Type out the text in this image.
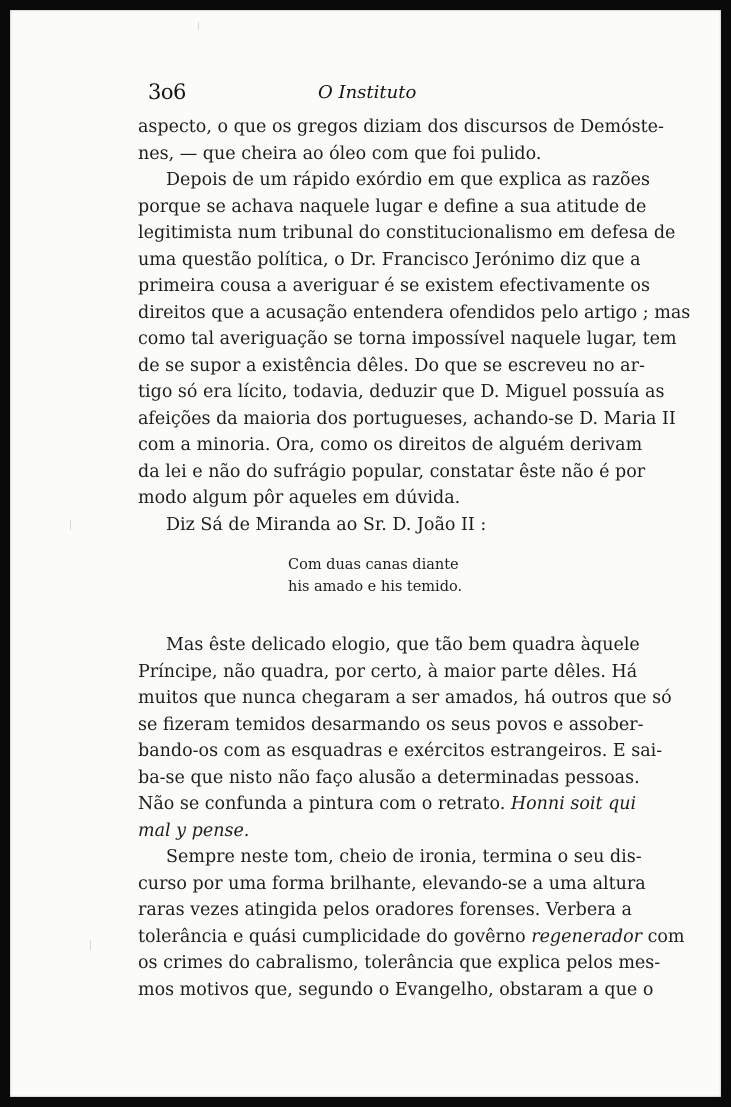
3o6	O Instituto
aspecto, o que os gregos diziam dos discursos de Demóste-
nes, — que cheira ao óleo com que foi pulido.
Depois de um rápido exórdio em que explica as razões
porque se achava naquele lugar e define a sua atitude de
legitimista num tribunal do constitucionalismo em defesa de
uma questão política, o Dr. Francisco Jerónimo diz que a
primeira cousa a averiguar é se existem efectivamente os
direitos que a acusação entendera ofendidos pelo artigo ; mas
como tal averiguação se torna impossível naquele lugar, tem
de se supor a existência dêles. Do que se escreveu no ar-
tigo só era lícito, todavia, deduzir que D. Miguel possuía as
afeições da maioria dos portugueses, achando-se D. Maria II
com a minoria. Ora, como os direitos de alguém derivam
da lei e não do sufrágio popular, constatar êste não é por
modo algum pôr aqueles em dúvida.
Diz Sá de Miranda ao Sr. D. João II :
Com duas canas diante
his amado e his temido.
Mas êste delicado elogio, que tão bem quadra àquele
Príncipe, não quadra, por certo, à maior parte dêles. Há
muitos que nunca chegaram a ser amados, há outros que só
se fizeram temidos desarmando os seus povos e assober-
bando-os com as esquadras e exércitos estrangeiros. E sai-
ba-se que nisto não faço alusão a determinadas pessoas.
Não se confunda a pintura com o retrato. Honni soit qui
mal y pense.
Sempre neste tom, cheio de ironia, termina o seu dis-
curso por uma forma brilhante, elevando-se a uma altura
raras vezes atingida pelos oradores forenses. Verbera a
tolerância e quási cumplicidade do govêrno regenerador com
os crimes do cabralismo, tolerância que explica pelos mes-
mos motivos que, segundo o Evangelho, obstaram a que o
